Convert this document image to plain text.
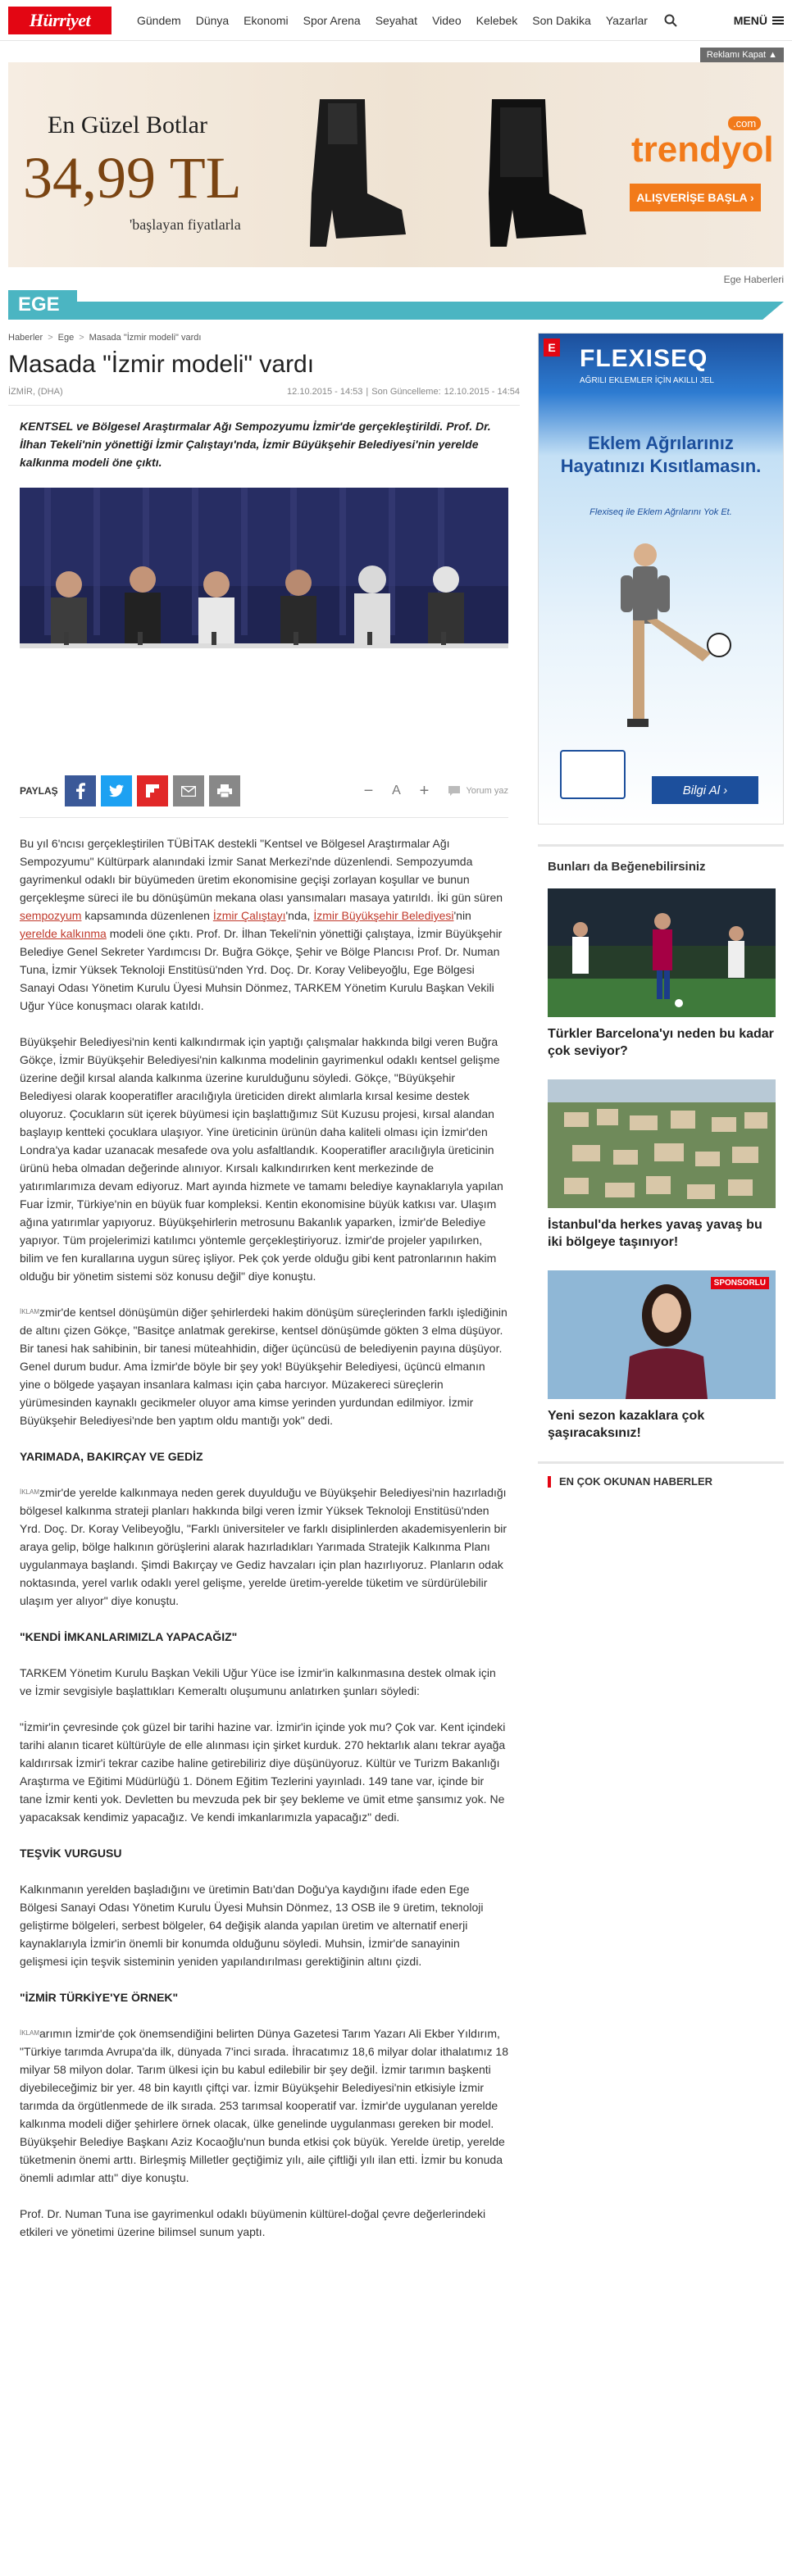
Hürriyet	Gündem	Dünya	Ekonomi	Spor Arena	Seyahat	Video	Kelebek	Son Dakika	Yazarlar	MENÜ
Reklamı Kapat ▲
En Güzel Botlar
34,99 TL
'başlayan fiyatlarla
.com
trendyol
ALIŞVERİŞE BAŞLA ›
Ege Haberleri
EGE
Haberler > Ege > Masada "İzmir modeli" vardı
Masada "İzmir modeli" vardı
İZMİR, (DHA)	12.10.2015 - 14:53 | Son Güncelleme: 12.10.2015 - 14:54

KENTSEL ve Bölgesel Araştırmalar Ağı Sempozyumu İzmir'de gerçekleştirildi. Prof. Dr. İlhan Tekeli'nin yönettiği İzmir Çalıştayı'nda, İzmir Büyükşehir Belediyesi'nin yerelde kalkınma modeli öne çıktı.

PAYLAŞ	−	A	+	Yorum yaz

Bu yıl 6'ncısı gerçekleştirilen TÜBİTAK destekli "Kentsel ve Bölgesel Araştırmalar Ağı Sempozyumu" Kültürpark alanındaki İzmir Sanat Merkezi'nde düzenlendi. Sempozyumda gayrimenkul odaklı bir büyümeden üretim ekonomisine geçişi zorlayan koşullar ve bunun gerçekleşme süreci ile bu dönüşümün mekana olası yansımaları masaya yatırıldı. İki gün süren sempozyum kapsamında düzenlenen İzmir Çalıştayı'nda, İzmir Büyükşehir Belediyesi'nin yerelde kalkınma modeli öne çıktı. Prof. Dr. İlhan Tekeli'nin yönettiği çalıştaya, İzmir Büyükşehir Belediye Genel Sekreter Yardımcısı Dr. Buğra Gökçe, Şehir ve Bölge Plancısı Prof. Dr. Numan Tuna, İzmir Yüksek Teknoloji Enstitüsü'nden Yrd. Doç. Dr. Koray Velibeyoğlu, Ege Bölgesi Sanayi Odası Yönetim Kurulu Üyesi Muhsin Dönmez, TARKEM Yönetim Kurulu Başkan Vekili Uğur Yüce konuşmacı olarak katıldı.

Büyükşehir Belediyesi'nin kenti kalkındırmak için yaptığı çalışmalar hakkında bilgi veren Buğra Gökçe, İzmir Büyükşehir Belediyesi'nin kalkınma modelinin gayrimenkul odaklı kentsel gelişme üzerine değil kırsal alanda kalkınma üzerine kurulduğunu söyledi. Gökçe, "Büyükşehir Belediyesi olarak kooperatifler aracılığıyla üreticiden direkt alımlarla kırsal kesime destek oluyoruz. Çocukların süt içerek büyümesi için başlattığımız Süt Kuzusu projesi, kırsal alandan başlayıp kentteki çocuklara ulaşıyor. Yine üreticinin ürünün daha kaliteli olması için İzmir'den Londra'ya kadar uzanacak mesafede ova yolu asfaltlandık. Kooperatifler aracılığıyla üreticinin ürünü heba olmadan değerinde alınıyor. Kırsalı kalkındırırken kent merkezinde de yatırımlarımıza devam ediyoruz. Mart ayında hizmete ve tamamı belediye kaynaklarıyla yapılan Fuar İzmir, Türkiye'nin en büyük fuar kompleksi. Kentin ekonomisine büyük katkısı var. Ulaşım ağına yatırımlar yapıyoruz. Büyükşehirlerin metrosunu Bakanlık yaparken, İzmir'de Belediye yapıyor. Tüm projelerimizi katılımcı yöntemle gerçekleştiriyoruz. İzmir'de projeler yapılırken, bilim ve fen kurallarına uygun süreç işliyor. Pek çok yerde olduğu gibi kent patronlarının hakim olduğu bir yönetim sistemi söz konusu değil" diye konuştu.

$^{İKLAM}$zmir'de kentsel dönüşümün diğer şehirlerdeki hakim dönüşüm süreçlerinden farklı işlediğinin de altını çizen Gökçe, "Basitçe anlatmak gerekirse, kentsel dönüşümde gökten 3 elma düşüyor. Bir tanesi hak sahibinin, bir tanesi müteahhidin, diğer üçüncüsü de belediyenin payına düşüyor. Genel durum budur. Ama İzmir'de böyle bir şey yok! Büyükşehir Belediyesi, üçüncü elmanın yine o bölgede yaşayan insanlara kalması için çaba harcıyor. Müzakereci süreçlerin yürümesinden kaynaklı gecikmeler oluyor ama kimse yerinden yurdundan edilmiyor. İzmir Büyükşehir Belediyesi'nde ben yaptım oldu mantığı yok" dedi.

YARIMADA, BAKIRÇAY VE GEDİZ

$^{İKLAM}$zmir'de yerelde kalkınmaya neden gerek duyulduğu ve Büyükşehir Belediyesi'nin hazırladığı bölgesel kalkınma strateji planları hakkında bilgi veren İzmir Yüksek Teknoloji Enstitüsü'nden Yrd. Doç. Dr. Koray Velibeyoğlu, "Farklı üniversiteler ve farklı disiplinlerden akademisyenlerin bir araya gelip, bölge halkının görüşlerini alarak hazırladıkları Yarımada Stratejik Kalkınma Planı uygulanmaya başlandı. Şimdi Bakırçay ve Gediz havzaları için plan hazırlıyoruz. Planların odak noktasında, yerel varlık odaklı yerel gelişme, yerelde üretim-yerelde tüketim ve sürdürülebilir ulaşım yer alıyor" diye konuştu.

"KENDİ İMKANLARIMIZLA YAPACAĞIZ"

TARKEM Yönetim Kurulu Başkan Vekili Uğur Yüce ise İzmir'in kalkınmasına destek olmak için ve İzmir sevgisiyle başlattıkları Kemeraltı oluşumunu anlatırken şunları söyledi:

"İzmir'in çevresinde çok güzel bir tarihi hazine var. İzmir'in içinde yok mu? Çok var. Kent içindeki tarihi alanın ticaret kültürüyle de elle alınması için şirket kurduk. 270 hektarlık alanı tekrar ayağa kaldırırsak İzmir'i tekrar cazibe haline getirebiliriz diye düşünüyoruz. Kültür ve Turizm Bakanlığı Araştırma ve Eğitimi Müdürlüğü 1. Dönem Eğitim Tezlerini yayınladı. 149 tane var, içinde bir tane İzmir kenti yok. Devletten bu mevzuda pek bir şey bekleme ve ümit etme şansımız yok. Ne yapacaksak kendimiz yapacağız. Ve kendi imkanlarımızla yapacağız" dedi.

TEŞVİK VURGUSU

Kalkınmanın yerelden başladığını ve üretimin Batı'dan Doğu'ya kaydığını ifade eden Ege Bölgesi Sanayi Odası Yönetim Kurulu Üyesi Muhsin Dönmez, 13 OSB ile 9 üretim, teknoloji geliştirme bölgeleri, serbest bölgeler, 64 değişik alanda yapılan üretim ve alternatif enerji kaynaklarıyla İzmir'in önemli bir konumda olduğunu söyledi. Muhsin, İzmir'de sanayinin gelişmesi için teşvik sisteminin yeniden yapılandırılması gerektiğinin altını çizdi.

"İZMİR TÜRKİYE'YE ÖRNEK"

$^{İKLAM}$arımın İzmir'de çok önemsendiğini belirten Dünya Gazetesi Tarım Yazarı Ali Ekber Yıldırım, "Türkiye tarımda Avrupa'da ilk, dünyada 7'inci sırada. İhracatımız 18,6 milyar dolar ithalatımız 18 milyar 58 milyon dolar. Tarım ülkesi için bu kabul edilebilir bir şey değil. İzmir tarımın başkenti diyebileceğimiz bir yer. 48 bin kayıtlı çiftçi var. İzmir Büyükşehir Belediyesi'nin etkisiyle İzmir tarımda da örgütlenmede de ilk sırada. 253 tarımsal kooperatif var. İzmir'de uygulanan yerelde kalkınma modeli diğer şehirlere örnek olacak, ülke genelinde uygulanması gereken bir model. Büyükşehir Belediye Başkanı Aziz Kocaoğlu'nun bunda etkisi çok büyük. Yerelde üretip, yerelde tüketmenin önemi arttı. Birleşmiş Milletler geçtiğimiz yılı, aile çiftliği yılı ilan etti. İzmir bu konuda önemli adımlar attı" diye konuştu.

Prof. Dr. Numan Tuna ise gayrimenkul odaklı büyümenin kültürel-doğal çevre değerlerindeki etkileri ve yönetimi üzerine bilimsel sunum yaptı.

E FLEXISEQ
AĞRILI EKLEMLER İÇİN AKILLI JEL
Eklem Ağrılarınız Hayatınızı Kısıtlamasın.
Flexiseq ile Eklem Ağrılarını Yok Et.
Bilgi Al ›
Bunları da Beğenebilirsiniz
Türkler Barcelona'yı neden bu kadar çok seviyor?
İstanbul'da herkes yavaş yavaş bu iki bölgeye taşınıyor!
SPONSORLU
Yeni sezon kazaklara çok şaşıracaksınız!
EN ÇOK OKUNAN HABERLER
